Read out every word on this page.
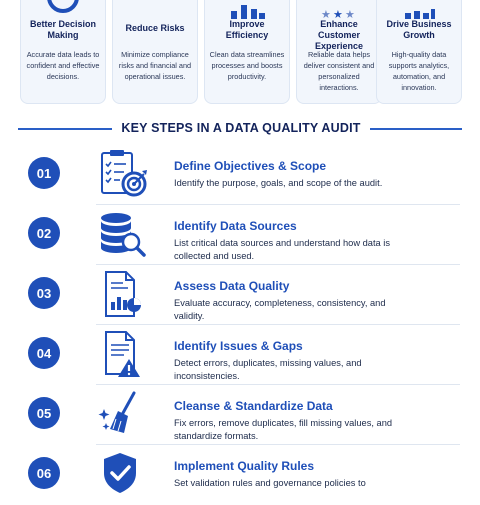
Better Decision Making
Accurate data leads to confident and effective decisions.
Reduce Risks
Minimize compliance risks and financial and operational issues.
Improve Efficiency
Clean data streamlines processes and boosts productivity.
★ ★ ★
Enhance Customer Experience
Reliable data helps deliver consistent and personalized interactions.
Drive Business Growth
High-quality data supports analytics, automation, and innovation.
KEY STEPS IN A DATA QUALITY AUDIT
01	Define Objectives & Scope
Identify the purpose, goals, and scope of the audit.
02	Identify Data Sources
List critical data sources and understand how data is collected and used.
03	Assess Data Quality
Evaluate accuracy, completeness, consistency, and validity.
04	Identify Issues & Gaps
Detect errors, duplicates, missing values, and inconsistencies.
05	Cleanse & Standardize Data
Fix errors, remove duplicates, fill missing values, and standardize formats.
06	Implement Quality Rules
Set validation rules and governance policies to
